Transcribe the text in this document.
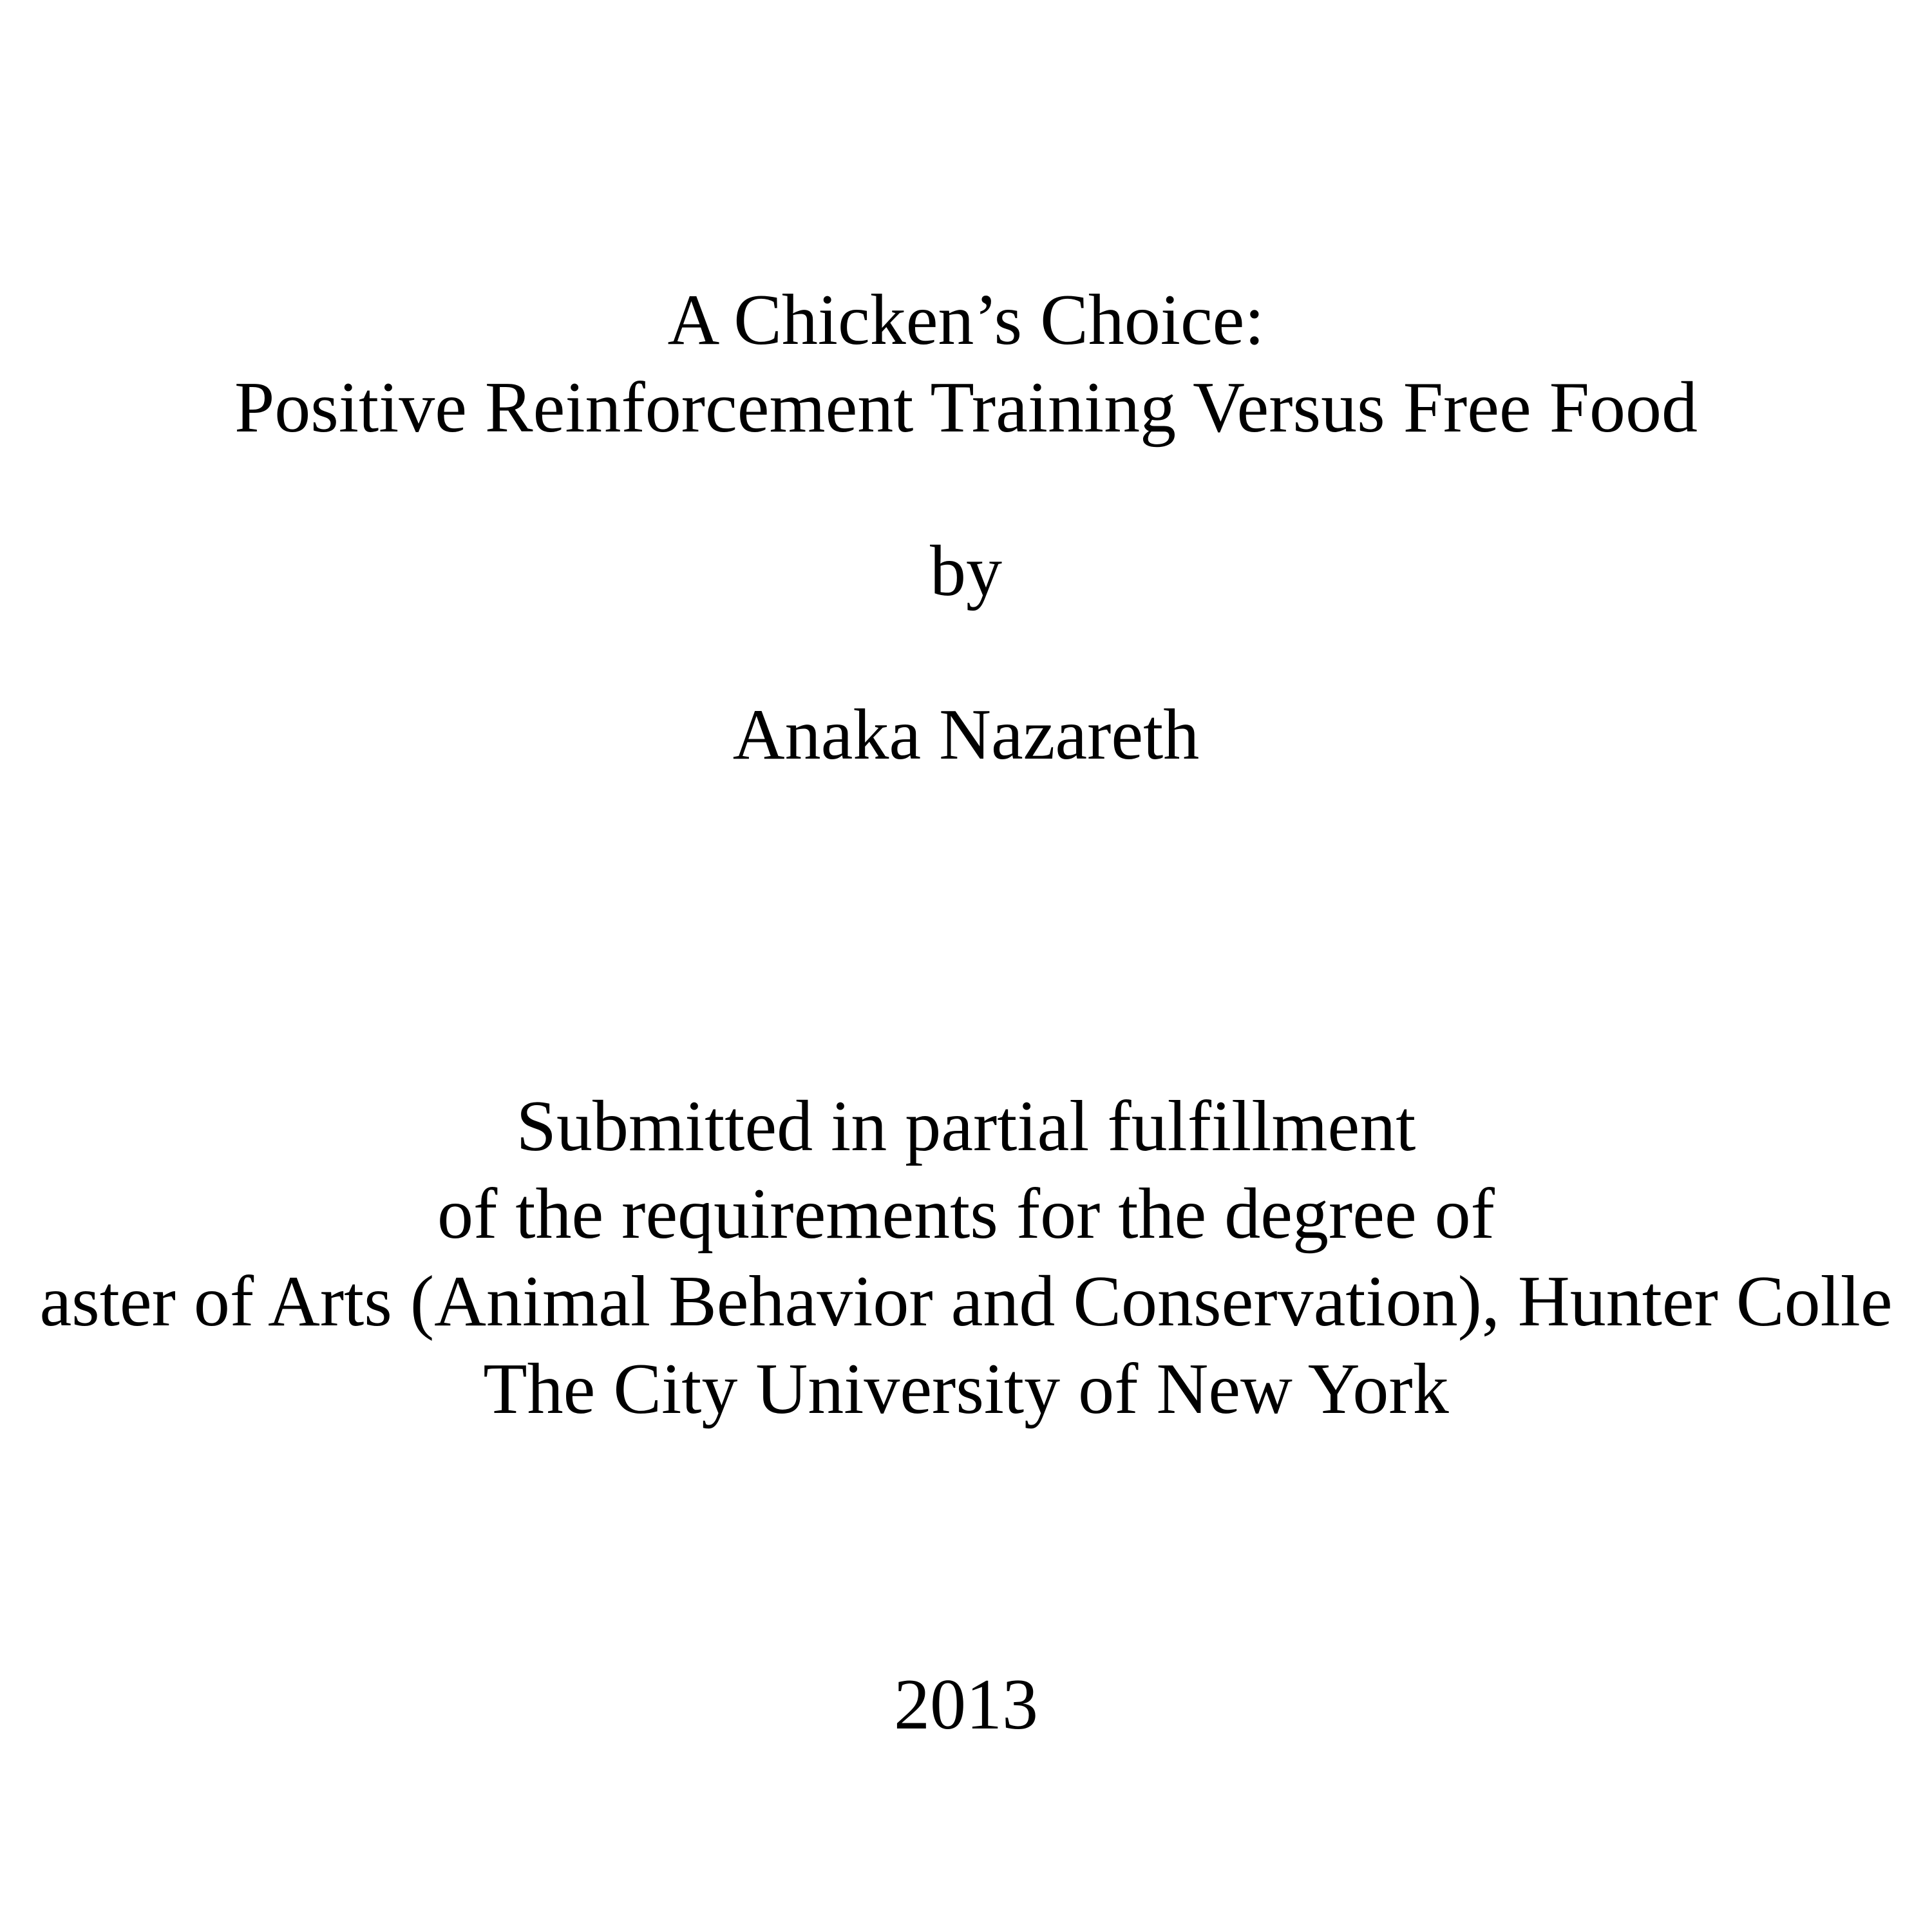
A Chicken’s Choice:
Positive Reinforcement Training Versus Free Food
by
Anaka Nazareth
Submitted in partial fulfillment
of the requirements for the degree of
aster of Arts (Animal Behavior and Conservation), Hunter Colle
The City University of New York
2013
